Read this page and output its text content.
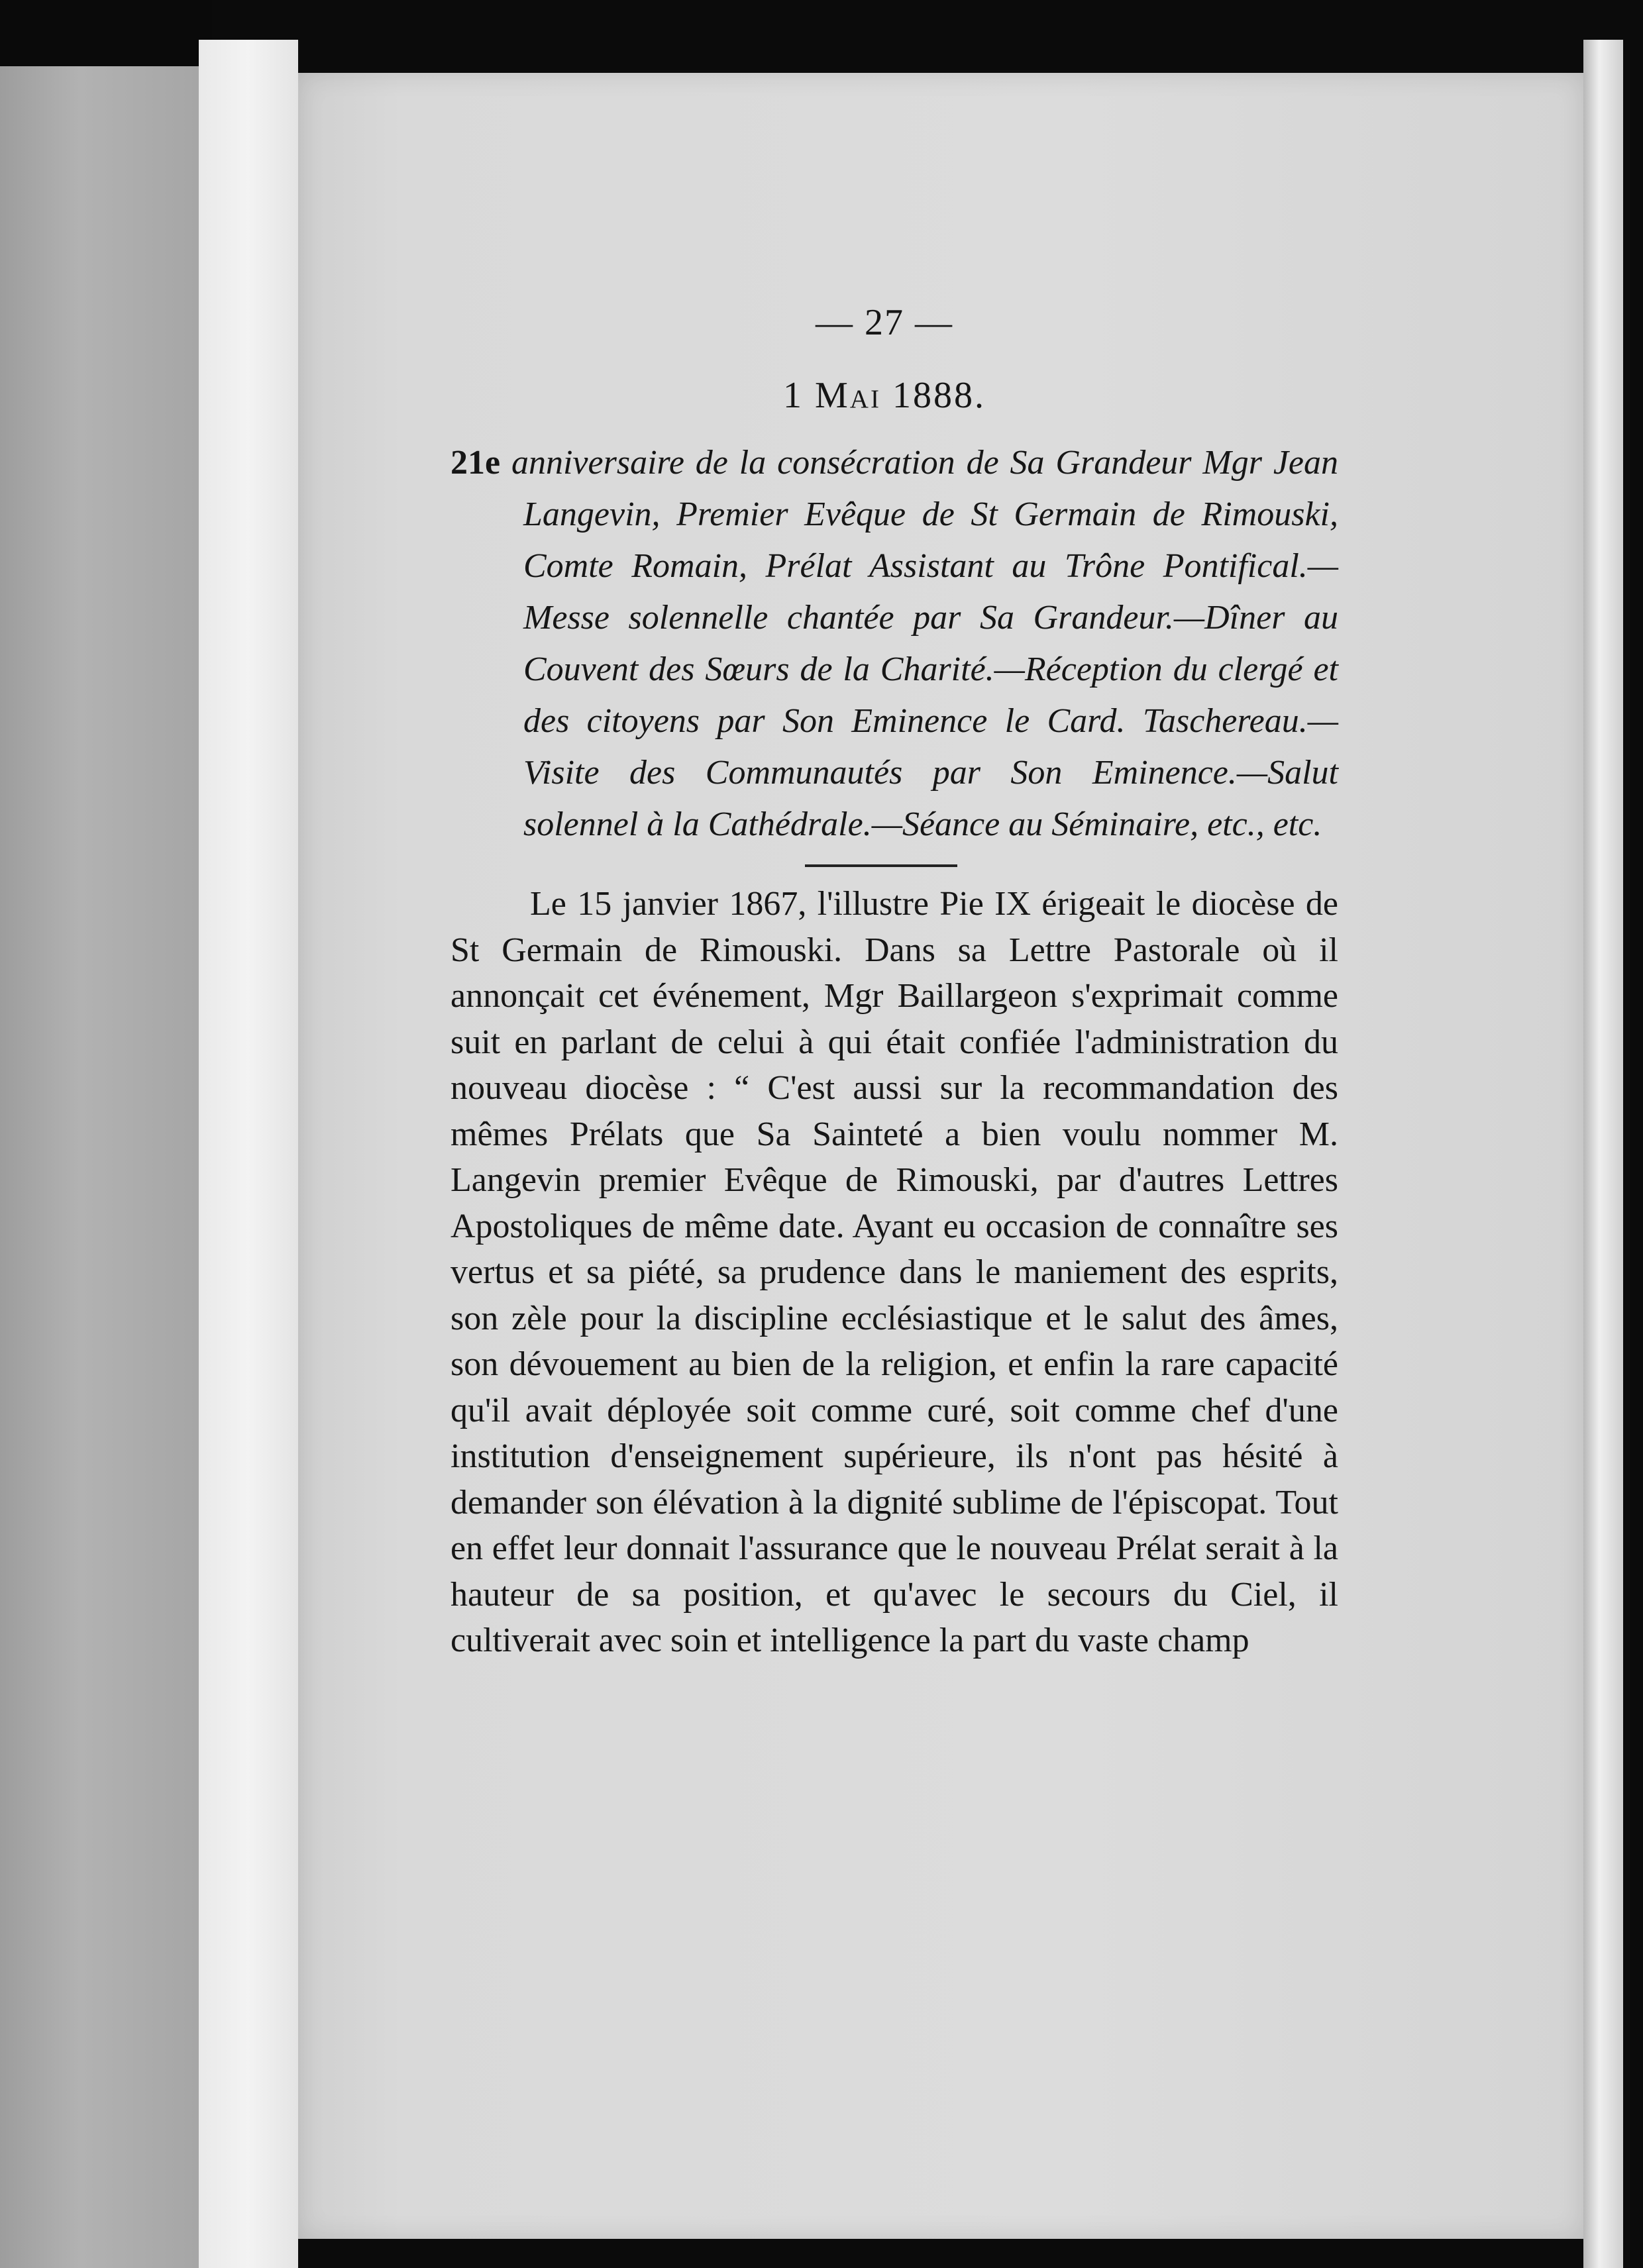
— 27 —
1 Mai 1888.
21e anniversaire de la consécration de Sa Grandeur Mgr Jean Langevin, Premier Evêque de St Germain de Rimouski, Comte Romain, Prélat Assistant au Trône Pontifical.— Messe solennelle chantée par Sa Grandeur.—Dîner au Couvent des Sœurs de la Charité.—Réception du clergé et des citoyens par Son Eminence le Card. Taschereau.—Visite des Communautés par Son Eminence.—Salut solennel à la Cathédrale.—Séance au Séminaire, etc., etc.

Le 15 janvier 1867, l'illustre Pie IX érigeait le diocèse de St Germain de Rimouski. Dans sa Lettre Pastorale où il annonçait cet événement, Mgr Baillargeon s'exprimait comme suit en parlant de celui à qui était confiée l'administration du nouveau diocèse : “ C'est aussi sur la recommandation des mêmes Prélats que Sa Sainteté a bien voulu nommer M. Langevin premier Evêque de Rimouski, par d'autres Lettres Apostoliques de même date. Ayant eu occasion de connaître ses vertus et sa piété, sa prudence dans le maniement des esprits, son zèle pour la discipline ecclésiastique et le salut des âmes, son dévouement au bien de la religion, et enfin la rare capacité qu'il avait déployée soit comme curé, soit comme chef d'une institution d'enseignement supérieure, ils n'ont pas hésité à demander son élévation à la dignité sublime de l'épiscopat. Tout en effet leur donnait l'assurance que le nouveau Prélat serait à la hauteur de sa position, et qu'avec le secours du Ciel, il cultiverait avec soin et intelligence la part du vaste champ
